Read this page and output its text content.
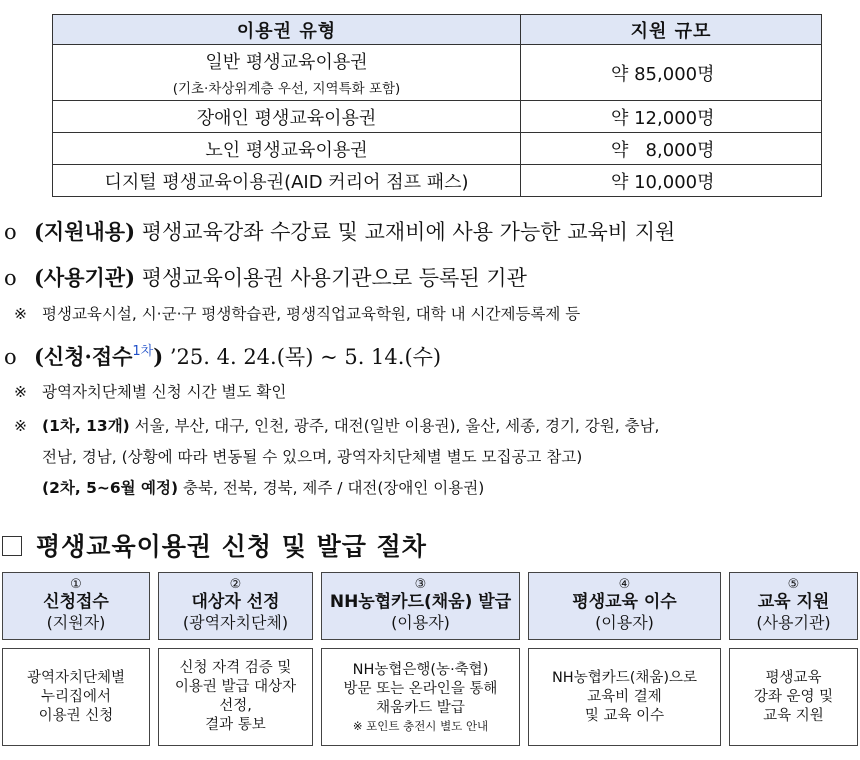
이용권 유형	지원 규모
일반 평생교육이용권
(기초·차상위계층 우선, 지역특화 포함)	약 85,000명
장애인 평생교육이용권	약 12,000명
노인 평생교육이용권	약   8,000명
디지털 평생교육이용권(AID 커리어 점프 패스)	약 10,000명
o (지원내용) 평생교육강좌 수강료 및 교재비에 사용 가능한 교육비 지원
o (사용기관) 평생교육이용권 사용기관으로 등록된 기관
※ 평생교육시설, 시·군·구 평생학습관, 평생직업교육학원, 대학 내 시간제등록제 등
o (신청·접수$^{1차}$) ’25. 4. 24.(목) ~ 5. 14.(수)
※ 광역자치단체별 신청 시간 별도 확인
※ (1차, 13개) 서울, 부산, 대구, 인천, 광주, 대전(일반 이용권), 울산, 세종, 경기, 강원, 충남,
전남, 경남, (상황에 따라 변동될 수 있으며, 광역자치단체별 별도 모집공고 참고)
(2차, 5~6월 예정) 충북, 전북, 경북, 제주 / 대전(장애인 이용권)
평생교육이용권 신청 및 발급 절차
①
신청접수
(지원자)
②
대상자 선정
(광역자치단체)
③
NH농협카드(채움) 발급
(이용자)
④
평생교육 이수
(이용자)
⑤
교육 지원
(사용기관)
광역자치단체별
누리집에서
이용권 신청
신청 자격 검증 및
이용권 발급 대상자
선정,
결과 통보
NH농협은행(농·축협)
방문 또는 온라인을 통해
채움카드 발급
※ 포인트 충전시 별도 안내
NH농협카드(채움)으로
교육비 결제
및 교육 이수
평생교육
강좌 운영 및
교육 지원
